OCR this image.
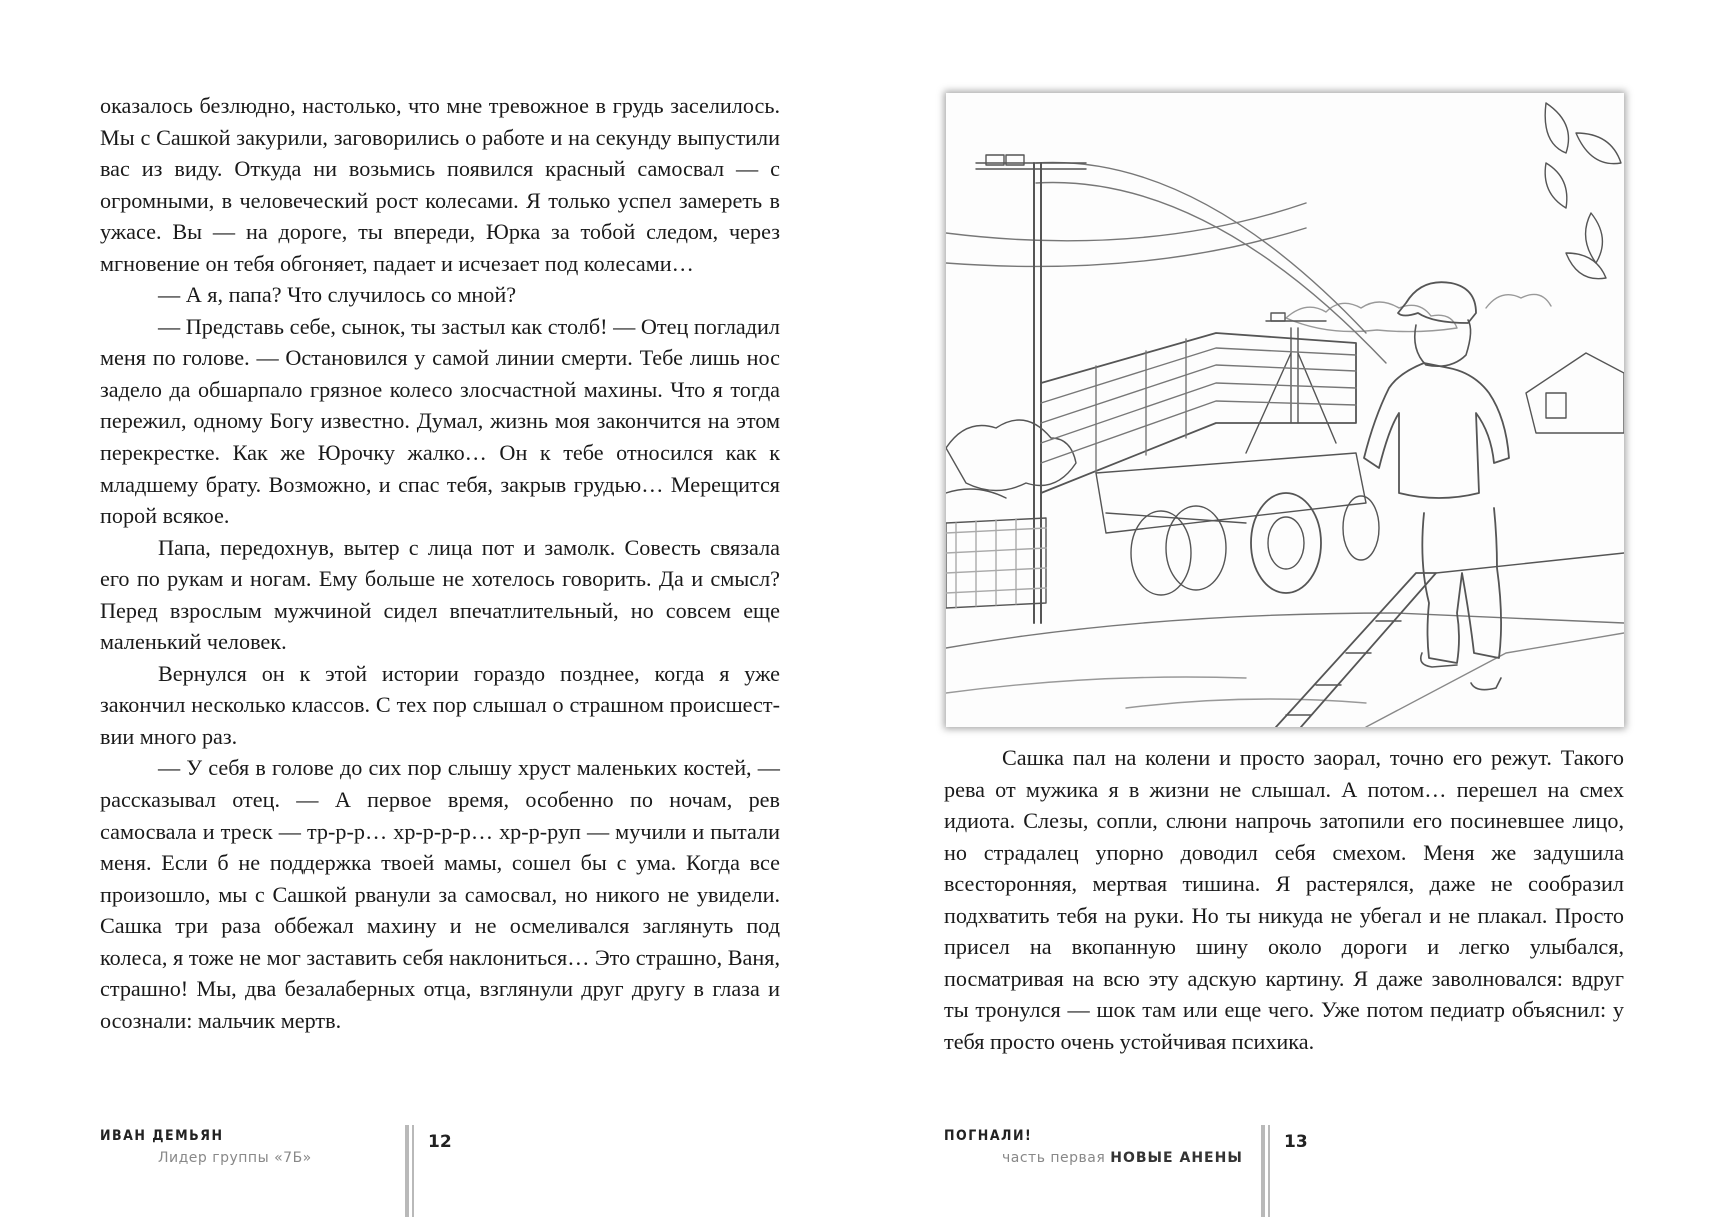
оказалось безлюдно, настолько, что мне тревожное в грудь заселилось. Мы с Сашкой закурили, заговорились о работе и на секунду выпустили вас из виду. Откуда ни возьмись появился красный самосвал — с огромными, в человеческий рост колесами. Я только успел замереть в ужасе. Вы — на дороге, ты впереди, Юрка за тобой следом, через мгновение он тебя обгоняет, падает и исчезает под колесами…

— А я, папа? Что случилось со мной?

— Представь себе, сынок, ты застыл как столб! — Отец погладил меня по голове. — Остановился у самой линии смерти. Тебе лишь нос задело да обшарпало грязное колесо злосчастной махины. Что я тогда пережил, одному Богу известно. Думал, жизнь моя закончится на этом перекрестке. Как же Юрочку жалко… Он к тебе относился как к младшему брату. Возможно, и спас тебя, закрыв грудью… Мерещится порой всякое.

Папа, передохнув, вытер с лица пот и замолк. Совесть связала его по рукам и ногам. Ему больше не хотелось говорить. Да и смысл? Перед взрослым мужчиной сидел впечатлительный, но совсем еще маленький человек.

Вернулся он к этой истории гораздо позднее, когда я уже закончил несколько классов. С тех пор слышал о страшном происшествии много раз.

— У себя в голове до сих пор слышу хруст маленьких костей, — рассказывал отец. — А первое время, особенно по ночам, рев самосвала и треск — тр-р-р… хр-р-р-р… хр-р-руп — мучили и пытали меня. Если б не поддержка твоей мамы, сошел бы с ума. Когда все произошло, мы с Сашкой рванули за самосвал, но никого не увидели. Сашка три раза оббежал махину и не осмеливался заглянуть под колеса, я тоже не мог заставить себя наклониться… Это страшно, Ваня, страшно! Мы, два безалаберных отца, взглянули друг другу в глаза и осознали: мальчик мертв.

ИВАН ДЕМЬЯН
Лидер группы «7Б»
12

Сашка пал на колени и просто заорал, точно его режут. Такого рева от мужика я в жизни не слышал. А потом… перешел на смех идиота. Слезы, сопли, слюни напрочь затопили его посиневшее лицо, но страдалец упорно доводил себя смехом. Меня же задушила всесторонняя, мертвая тишина. Я растерялся, даже не сообразил подхватить тебя на руки. Но ты никуда не убегал и не плакал. Просто присел на вкопанную шину около дороги и легко улыбался, посматривая на всю эту адскую картину. Я даже заволновался: вдруг ты тронулся — шок там или еще чего. Уже потом педиатр объяснил: у тебя просто очень устойчивая психика.

ПОГНАЛИ!
часть первая НОВЫЕ АНЕНЫ
13
